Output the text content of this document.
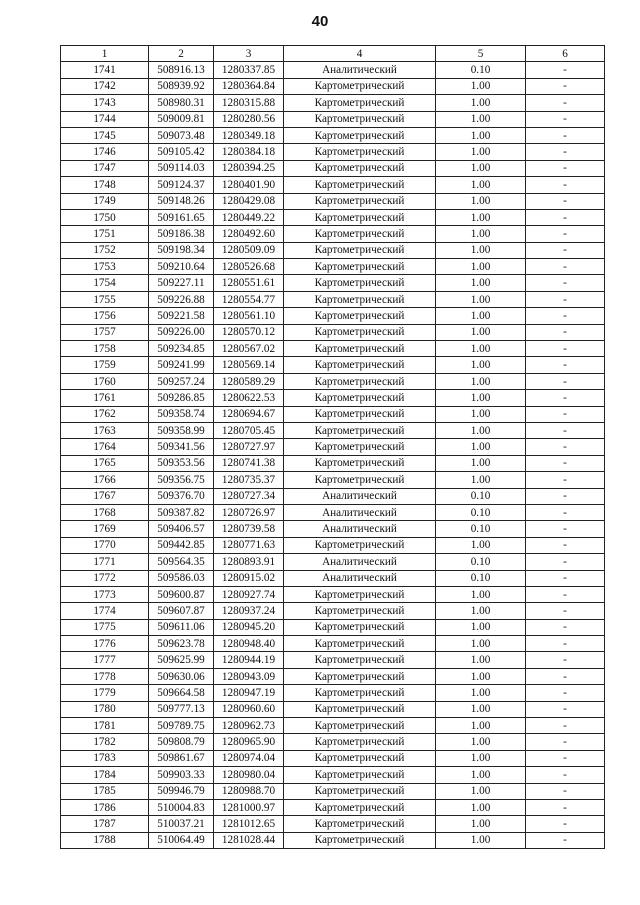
40
1	2	3	4	5	6
1741	508916.13	1280337.85	Аналитический	0.10	-
1742	508939.92	1280364.84	Картометрический	1.00	-
1743	508980.31	1280315.88	Картометрический	1.00	-
1744	509009.81	1280280.56	Картометрический	1.00	-
1745	509073.48	1280349.18	Картометрический	1.00	-
1746	509105.42	1280384.18	Картометрический	1.00	-
1747	509114.03	1280394.25	Картометрический	1.00	-
1748	509124.37	1280401.90	Картометрический	1.00	-
1749	509148.26	1280429.08	Картометрический	1.00	-
1750	509161.65	1280449.22	Картометрический	1.00	-
1751	509186.38	1280492.60	Картометрический	1.00	-
1752	509198.34	1280509.09	Картометрический	1.00	-
1753	509210.64	1280526.68	Картометрический	1.00	-
1754	509227.11	1280551.61	Картометрический	1.00	-
1755	509226.88	1280554.77	Картометрический	1.00	-
1756	509221.58	1280561.10	Картометрический	1.00	-
1757	509226.00	1280570.12	Картометрический	1.00	-
1758	509234.85	1280567.02	Картометрический	1.00	-
1759	509241.99	1280569.14	Картометрический	1.00	-
1760	509257.24	1280589.29	Картометрический	1.00	-
1761	509286.85	1280622.53	Картометрический	1.00	-
1762	509358.74	1280694.67	Картометрический	1.00	-
1763	509358.99	1280705.45	Картометрический	1.00	-
1764	509341.56	1280727.97	Картометрический	1.00	-
1765	509353.56	1280741.38	Картометрический	1.00	-
1766	509356.75	1280735.37	Картометрический	1.00	-
1767	509376.70	1280727.34	Аналитический	0.10	-
1768	509387.82	1280726.97	Аналитический	0.10	-
1769	509406.57	1280739.58	Аналитический	0.10	-
1770	509442.85	1280771.63	Картометрический	1.00	-
1771	509564.35	1280893.91	Аналитический	0.10	-
1772	509586.03	1280915.02	Аналитический	0.10	-
1773	509600.87	1280927.74	Картометрический	1.00	-
1774	509607.87	1280937.24	Картометрический	1.00	-
1775	509611.06	1280945.20	Картометрический	1.00	-
1776	509623.78	1280948.40	Картометрический	1.00	-
1777	509625.99	1280944.19	Картометрический	1.00	-
1778	509630.06	1280943.09	Картометрический	1.00	-
1779	509664.58	1280947.19	Картометрический	1.00	-
1780	509777.13	1280960.60	Картометрический	1.00	-
1781	509789.75	1280962.73	Картометрический	1.00	-
1782	509808.79	1280965.90	Картометрический	1.00	-
1783	509861.67	1280974.04	Картометрический	1.00	-
1784	509903.33	1280980.04	Картометрический	1.00	-
1785	509946.79	1280988.70	Картометрический	1.00	-
1786	510004.83	1281000.97	Картометрический	1.00	-
1787	510037.21	1281012.65	Картометрический	1.00	-
1788	510064.49	1281028.44	Картометрический	1.00	-
